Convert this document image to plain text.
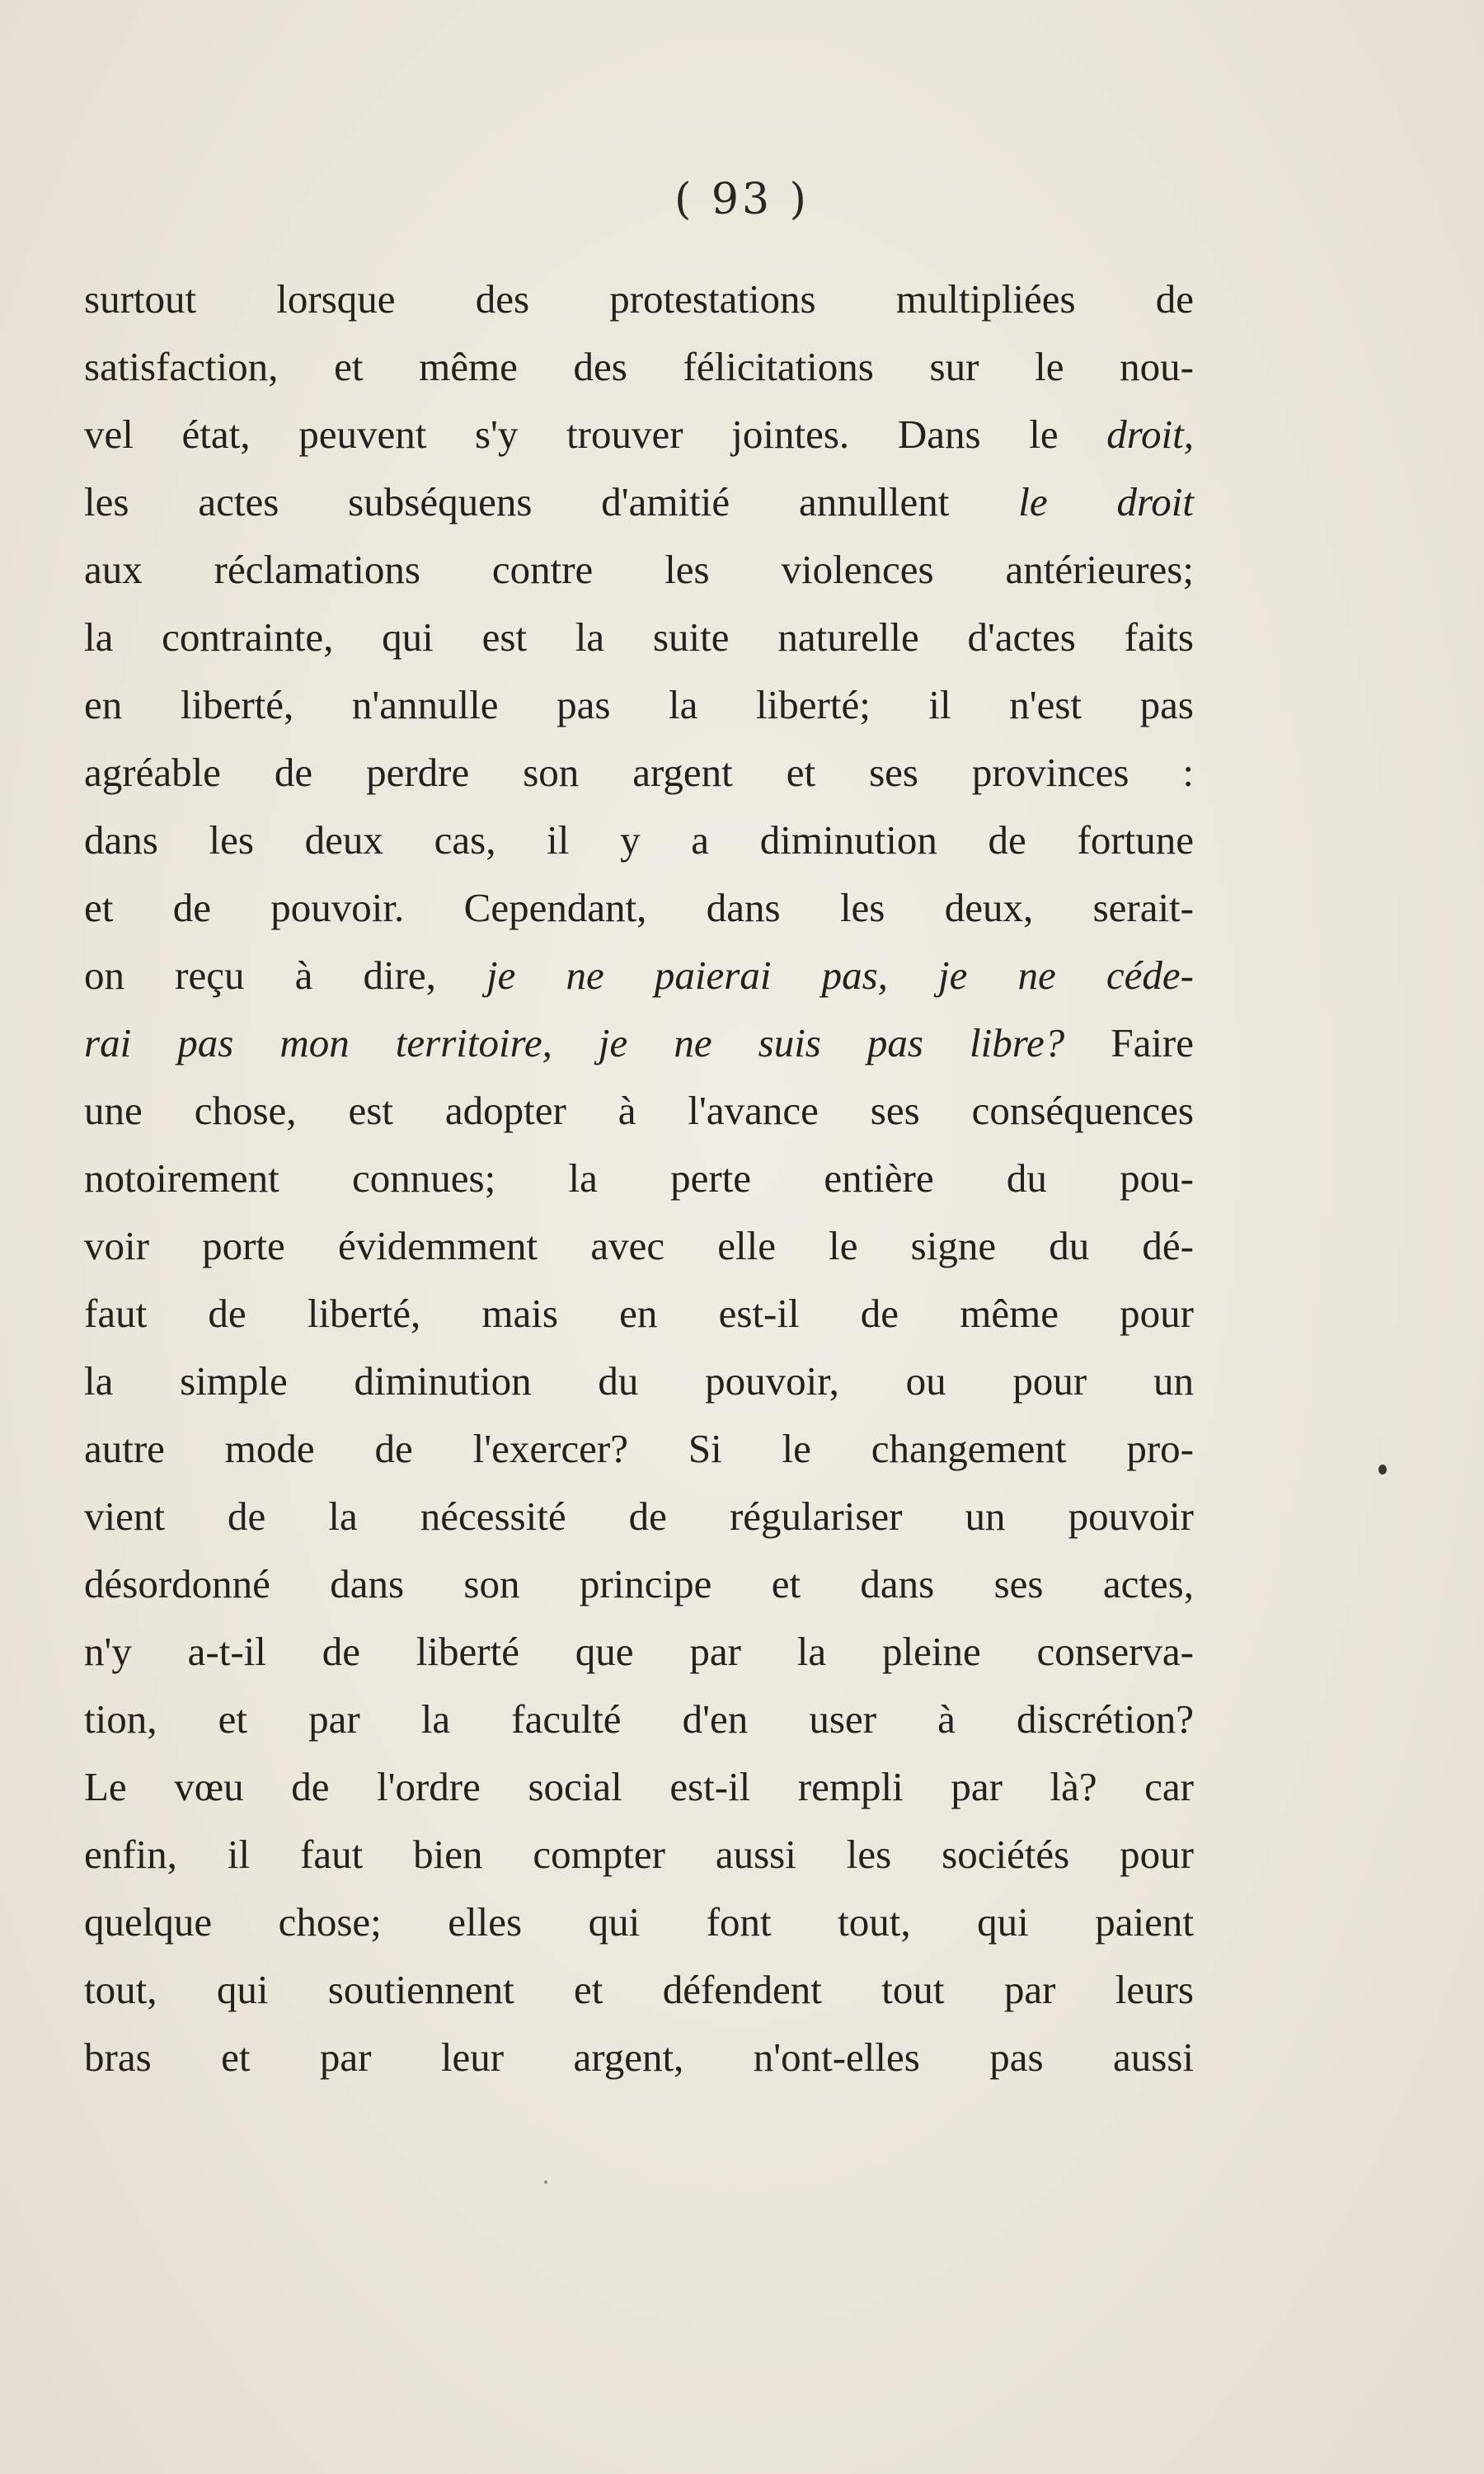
( 93 )
surtout lorsque des protestations multipliées de
satisfaction, et même des félicitations sur le nou-
vel état, peuvent s'y trouver jointes. Dans le droit,
les actes subséquens d'amitié annullent le droit
aux réclamations contre les violences antérieures;
la contrainte, qui est la suite naturelle d'actes faits
en liberté, n'annulle pas la liberté; il n'est pas
agréable de perdre son argent et ses provinces :
dans les deux cas, il y a diminution de fortune
et de pouvoir. Cependant, dans les deux, serait-
on reçu à dire, je ne paierai pas, je ne céde-
rai pas mon territoire, je ne suis pas libre? Faire
une chose, est adopter à l'avance ses conséquences
notoirement connues; la perte entière du pou-
voir porte évidemment avec elle le signe du dé-
faut de liberté, mais en est-il de même pour
la simple diminution du pouvoir, ou pour un
autre mode de l'exercer? Si le changement pro-
vient de la nécessité de régulariser un pouvoir
désordonné dans son principe et dans ses actes,
n'y a-t-il de liberté que par la pleine conserva-
tion, et par la faculté d'en user à discrétion?
Le vœu de l'ordre social est-il rempli par là? car
enfin, il faut bien compter aussi les sociétés pour
quelque chose; elles qui font tout, qui paient
tout, qui soutiennent et défendent tout par leurs
bras et par leur argent, n'ont-elles pas aussi
